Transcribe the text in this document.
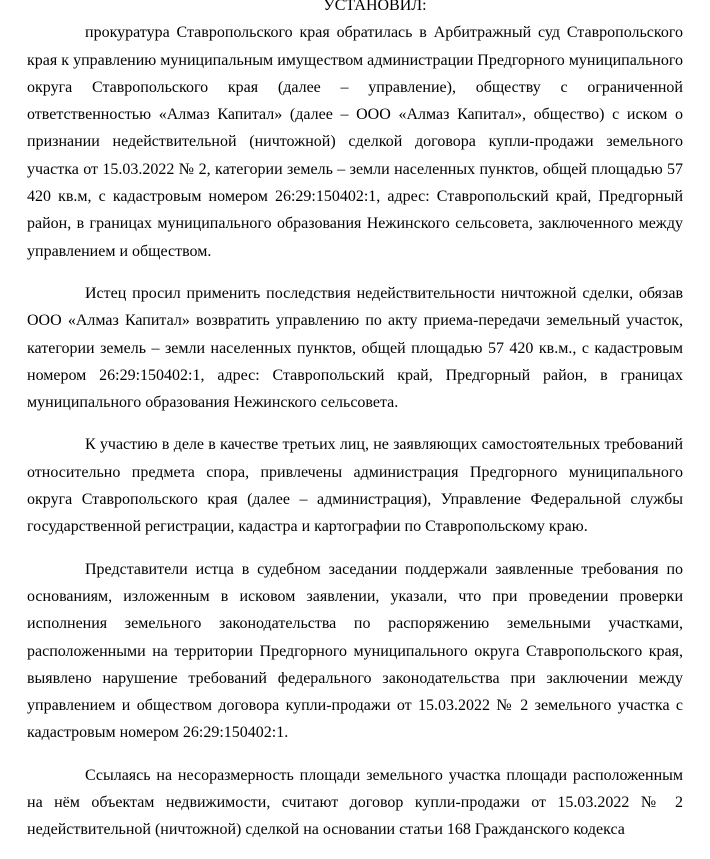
УСТАНОВИЛ:

прокуратура Ставропольского края обратилась в Арбитражный суд Ставропольского края к управлению муниципальным имуществом администрации Предгорного муниципального округа Ставропольского края (далее – управление), обществу с ограниченной ответственностью «Алмаз Капитал» (далее – ООО «Алмаз Капитал», общество) с иском о признании недействительной (ничтожной) сделкой договора купли-продажи земельного участка от 15.03.2022 № 2, категории земель – земли населенных пунктов, общей площадью 57 420 кв.м, с кадастровым номером 26:29:150402:1, адрес: Ставропольский край, Предгорный район, в границах муниципального образования Нежинского сельсовета, заключенного между управлением и обществом.

Истец просил применить последствия недействительности ничтожной сделки, обязав ООО «Алмаз Капитал» возвратить управлению по акту приема-передачи земельный участок, категории земель – земли населенных пунктов, общей площадью 57 420 кв.м., с кадастровым номером 26:29:150402:1, адрес: Ставропольский край, Предгорный район, в границах муниципального образования Нежинского сельсовета.

К участию в деле в качестве третьих лиц, не заявляющих самостоятельных требований относительно предмета спора, привлечены администрация Предгорного муниципального округа Ставропольского края (далее – администрация), Управление Федеральной службы государственной регистрации, кадастра и картографии по Ставропольскому краю.

Представители истца в судебном заседании поддержали заявленные требования по основаниям, изложенным в исковом заявлении, указали, что при проведении проверки исполнения земельного законодательства по распоряжению земельными участками, расположенными на территории Предгорного муниципального округа Ставропольского края, выявлено нарушение требований федерального законодательства при заключении между управлением и обществом договора купли-продажи от 15.03.2022 № 2 земельного участка с кадастровым номером 26:29:150402:1.

Ссылаясь на несоразмерность площади земельного участка площади расположенным на нём объектам недвижимости, считают договор купли-продажи от 15.03.2022 № 2 недействительной (ничтожной) сделкой на основании статьи 168 Гражданского кодекса
